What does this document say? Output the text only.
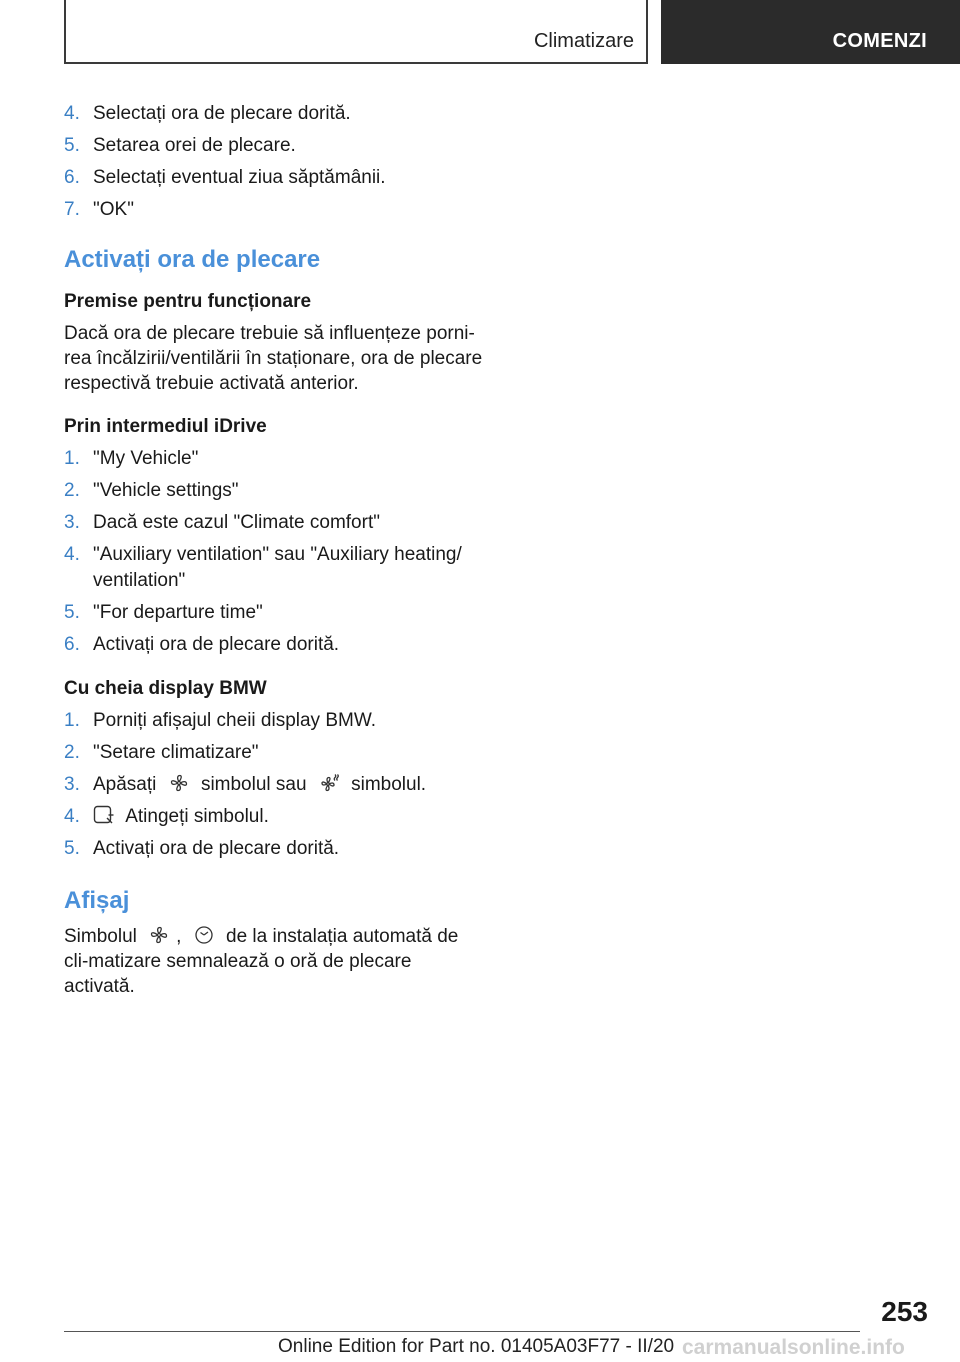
Climatizare	COMENZI
4. Selectați ora de plecare dorită.
5. Setarea orei de plecare.
6. Selectați eventual ziua săptămânii.
7. "OK"
Activați ora de plecare
Premise pentru funcționare

Dacă ora de plecare trebuie să influențeze porni-rea încălzirii/ventilării în staționare, ora de plecare respectivă trebuie activată anterior.

Prin intermediul iDrive
1. "My Vehicle"
2. "Vehicle settings"
3. Dacă este cazul "Climate comfort"
4. "Auxiliary ventilation" sau "Auxiliary heating/ ventilation"
5. "For departure time"
6. Activați ora de plecare dorită.
Cu cheia display BMW
1. Porniți afișajul cheii display BMW.
2. "Setare climatizare"
3. Apăsați simbolul sau simbolul.
4.	Atingeți simbolul.
5. Activați ora de plecare dorită.
Afișaj

Simbolul , de la instalația automată de cli-matizare semnalează o oră de plecare activată.

253
Online Edition for Part no. 01405A03F77 - II/20 carmanualsonline.info
